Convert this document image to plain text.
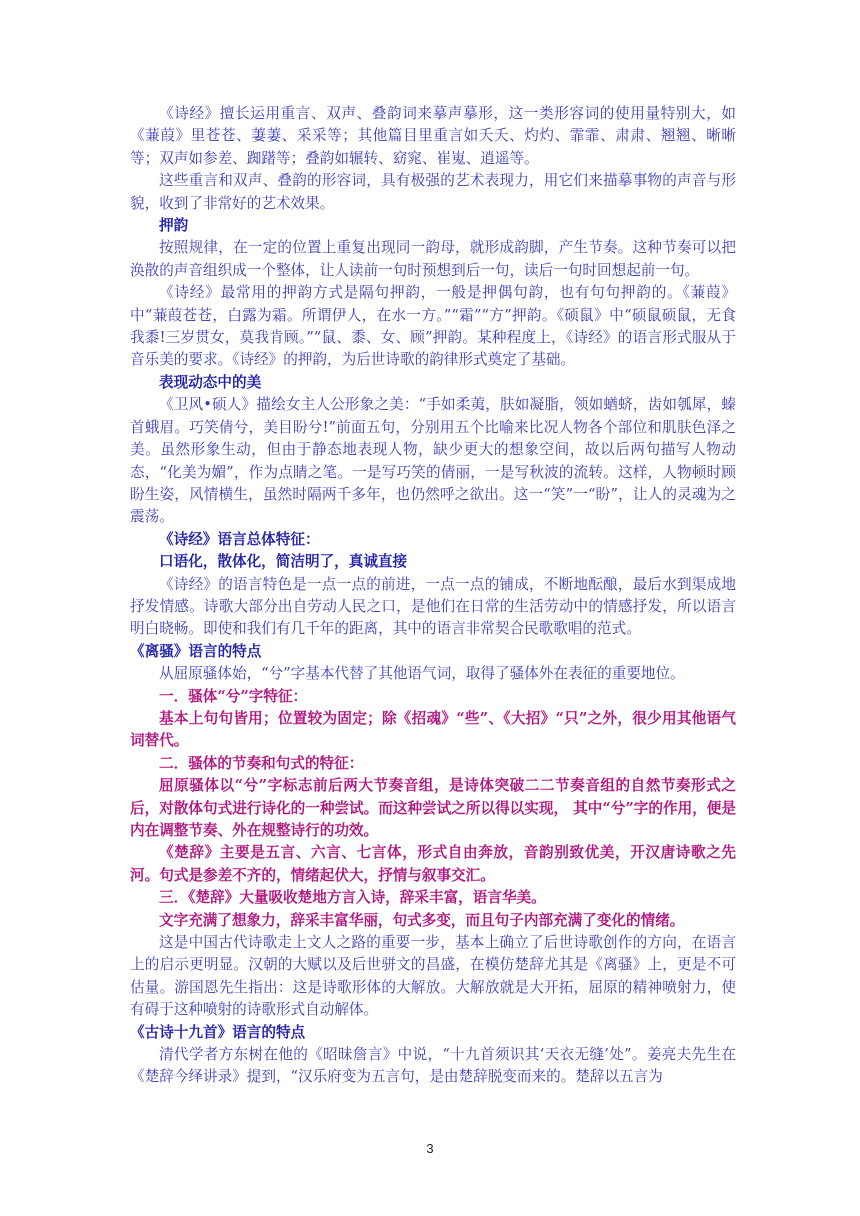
《诗经》擅长运用重言、双声、叠韵词来摹声摹形，这一类形容词的使用量特别大，如《蒹葭》里苍苍、萋萋、采采等；其他篇目里重言如夭夭、灼灼、霏霏、肃肃、翘翘、晰晰等；双声如参差、踟躇等；叠韵如辗转、窈窕、崔嵬、逍遥等。

这些重言和双声、叠韵的形容词，具有极强的艺术表现力，用它们来描摹事物的声音与形貌，收到了非常好的艺术效果。

押韵

按照规律，在一定的位置上重复出现同一韵母，就形成韵脚，产生节奏。这种节奏可以把涣散的声音组织成一个整体，让人读前一句时预想到后一句，读后一句时回想起前一句。

《诗经》最常用的押韵方式是隔句押韵，一般是押偶句韵，也有句句押韵的。《蒹葭》中“蒹葭苍苍，白露为霜。所谓伊人，在水一方。”“霜”“方”押韵。《硕鼠》中“硕鼠硕鼠，无食我黍!三岁贯女，莫我肯顾。”“鼠、黍、女、顾”押韵。某种程度上，《诗经》的语言形式服从于音乐美的要求。《诗经》的押韵，为后世诗歌的韵律形式奠定了基础。

表现动态中的美

《卫风•硕人》描绘女主人公形象之美：“手如柔荑，肤如凝脂，领如蝤蛴，齿如瓠犀，螓首蛾眉。巧笑倩兮，美目盼兮!”前面五句，分别用五个比喻来比况人物各个部位和肌肤色泽之美。虽然形象生动，但由于静态地表现人物，缺少更大的想象空间，故以后两句描写人物动态，“化美为媚”，作为点睛之笔。一是写巧笑的倩丽，一是写秋波的流转。这样，人物顿时顾盼生姿，风情横生，虽然时隔两千多年，也仍然呼之欲出。这一“笑”一“盼”，让人的灵魂为之震荡。

《诗经》语言总体特征：

口语化，散体化，简洁明了，真诚直接

《诗经》的语言特色是一点一点的前进，一点一点的铺成，不断地酝酿，最后水到渠成地抒发情感。诗歌大部分出自劳动人民之口，是他们在日常的生活劳动中的情感抒发，所以语言明白晓畅。即使和我们有几千年的距离，其中的语言非常契合民歌歌唱的范式。

《离骚》语言的特点

从屈原骚体始，“兮”字基本代替了其他语气词，取得了骚体外在表征的重要地位。

一．骚体“兮”字特征：

基本上句句皆用；位置较为固定；除《招魂》“些”、《大招》“只”之外，很少用其他语气词替代。

二．骚体的节奏和句式的特征：

屈原骚体以“兮”字标志前后两大节奏音组，是诗体突破二二节奏音组的自然节奏形式之后，对散体句式进行诗化的一种尝试。而这种尝试之所以得以实现， 其中“兮”字的作用，便是内在调整节奏、外在规整诗行的功效。

《楚辞》主要是五言、六言、七言体，形式自由奔放，音韵别致优美，开汉唐诗歌之先河。句式是参差不齐的，情绪起伏大，抒情与叙事交汇。

三．《楚辞》大量吸收楚地方言入诗，辞采丰富，语言华美。

文字充满了想象力，辞采丰富华丽，句式多变，而且句子内部充满了变化的情绪。

这是中国古代诗歌走上文人之路的重要一步，基本上确立了后世诗歌创作的方向，在语言上的启示更明显。汉朝的大赋以及后世骈文的昌盛，在模仿楚辞尤其是《离骚》上，更是不可估量。游国恩先生指出：这是诗歌形体的大解放。大解放就是大开拓，屈原的精神喷射力，使有碍于这种喷射的诗歌形式自动解体。

《古诗十九首》语言的特点

清代学者方东树在他的《昭昧詹言》中说，“十九首须识其‘天衣无缝’处”。姜亮夫先生在《楚辞今绎讲录》提到，“汉乐府变为五言句，是由楚辞脱变而来的。楚辞以五言为

3
